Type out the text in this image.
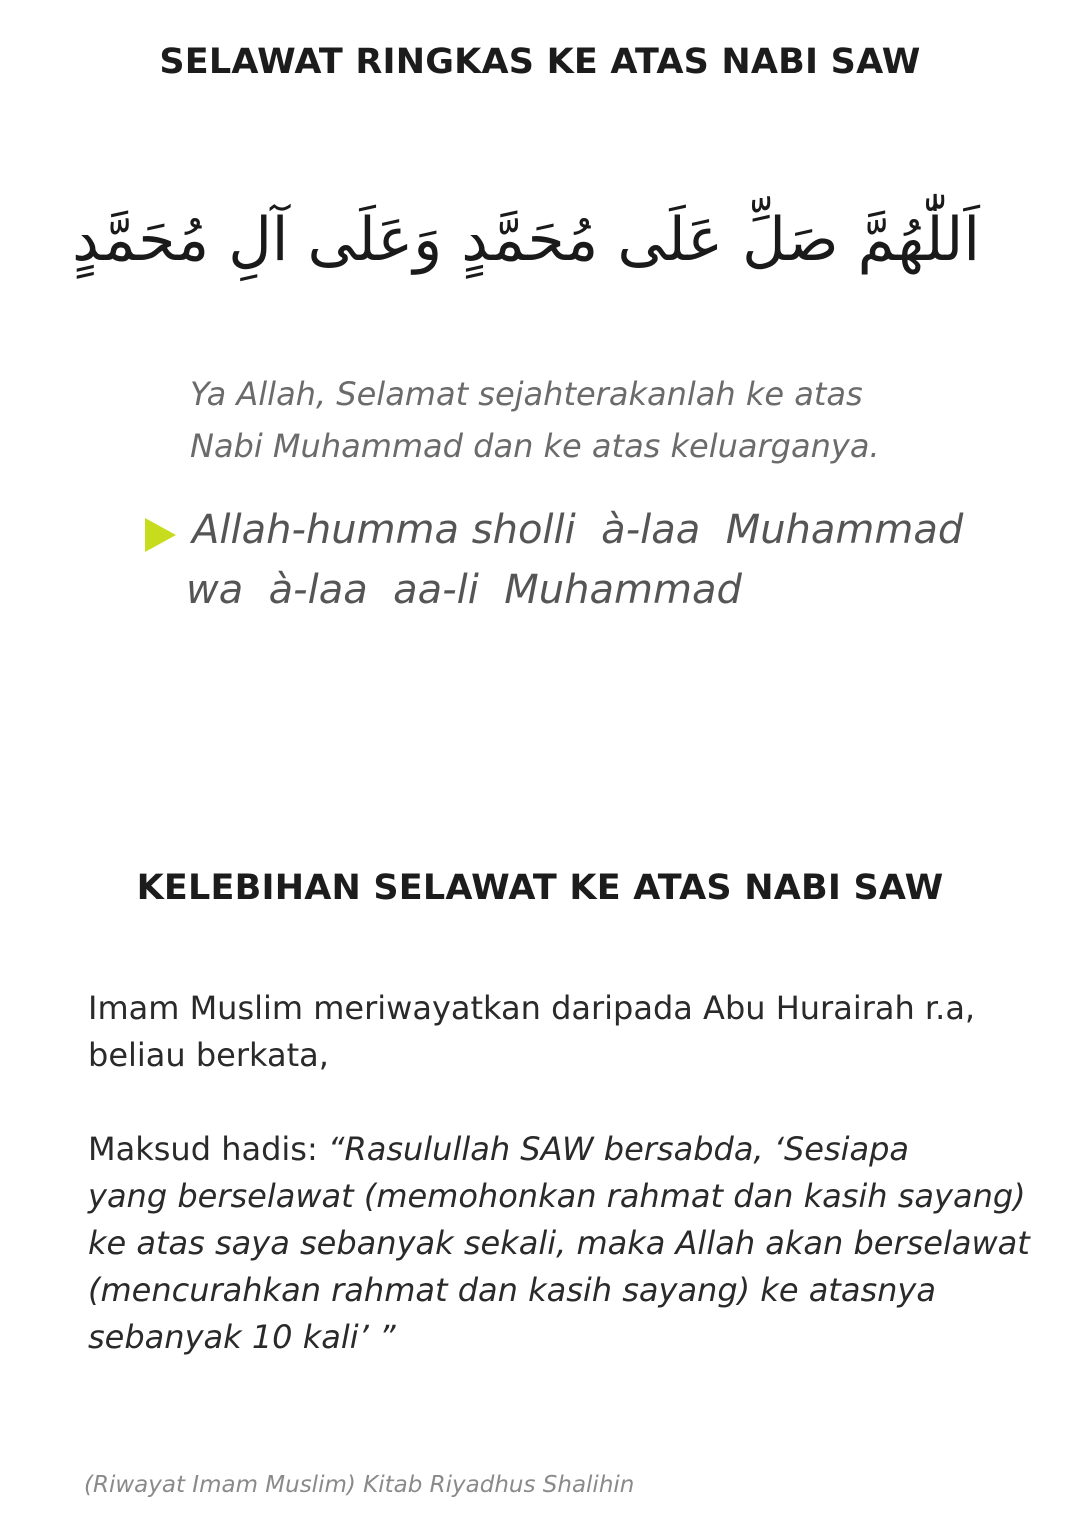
SELAWAT RINGKAS KE ATAS NABI SAW
اَللّٰهُمَّ صَلِّ عَلَى مُحَمَّدٍ وَعَلَى آلِ مُحَمَّدٍ
Ya Allah, Selamat sejahterakanlah ke atas
Nabi Muhammad dan ke atas keluarganya.
Allah-humma sholli  à-laa  Muhammad
wa  à-laa  aa-li  Muhammad
KELEBIHAN SELAWAT KE ATAS NABI SAW
Imam Muslim meriwayatkan daripada Abu Hurairah r.a,
beliau berkata,
Maksud hadis: “Rasulullah SAW bersabda, ‘Sesiapa
yang berselawat (memohonkan rahmat dan kasih sayang)
ke atas saya sebanyak sekali, maka Allah akan berselawat
(mencurahkan rahmat dan kasih sayang) ke atasnya
sebanyak 10 kali’ ”
(Riwayat Imam Muslim) Kitab Riyadhus Shalihin
